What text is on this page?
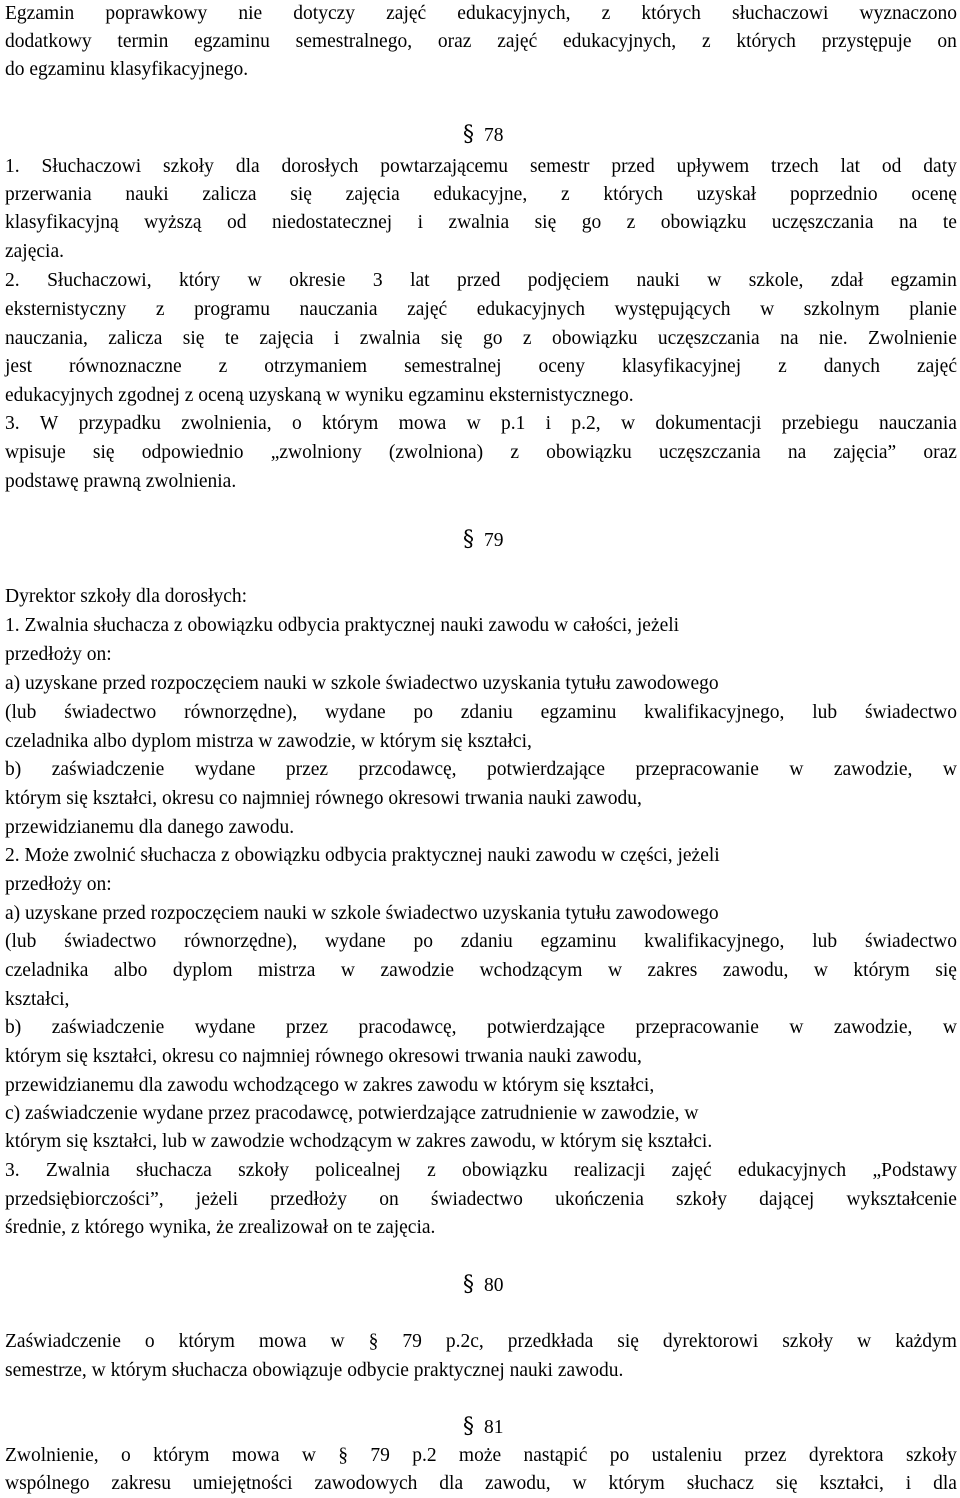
Egzamin poprawkowy nie dotyczy zajęć edukacyjnych, z których słuchaczowi wyznaczono
dodatkowy termin egzaminu semestralnego, oraz zajęć edukacyjnych, z których przystępuje on
do egzaminu klasyfikacyjnego.
§ 78
1. Słuchaczowi szkoły dla dorosłych powtarzającemu semestr przed upływem trzech lat od daty
przerwania nauki zalicza się zajęcia edukacyjne, z których uzyskał poprzednio ocenę
klasyfikacyjną wyższą od niedostatecznej i zwalnia się go z obowiązku uczęszczania na te
zajęcia.
2. Słuchaczowi, który w okresie 3 lat przed podjęciem nauki w szkole, zdał egzamin
eksternistyczny z programu nauczania zajęć edukacyjnych występujących w szkolnym planie
nauczania, zalicza się te zajęcia i zwalnia się go z obowiązku uczęszczania na nie. Zwolnienie
jest równoznaczne z otrzymaniem semestralnej oceny klasyfikacyjnej z danych zajęć
edukacyjnych zgodnej z oceną uzyskaną w wyniku egzaminu eksternistycznego.
3. W przypadku zwolnienia, o którym mowa w p.1 i p.2, w dokumentacji przebiegu nauczania
wpisuje się odpowiednio „zwolniony (zwolniona) z obowiązku uczęszczania na zajęcia” oraz
podstawę prawną zwolnienia.
§ 79
Dyrektor szkoły dla dorosłych:
1. Zwalnia słuchacza z obowiązku odbycia praktycznej nauki zawodu w całości, jeżeli
przedłoży on:
a) uzyskane przed rozpoczęciem nauki w szkole świadectwo uzyskania tytułu zawodowego
(lub świadectwo równorzędne), wydane po zdaniu egzaminu kwalifikacyjnego, lub świadectwo
czeladnika albo dyplom mistrza w zawodzie, w którym się kształci,
b) zaświadczenie wydane przez przcodawcę, potwierdzające przepracowanie w zawodzie, w
którym się kształci, okresu co najmniej równego okresowi trwania nauki zawodu,
przewidzianemu dla danego zawodu.
2. Może zwolnić słuchacza z obowiązku odbycia praktycznej nauki zawodu w części, jeżeli
przedłoży on:
a) uzyskane przed rozpoczęciem nauki w szkole świadectwo uzyskania tytułu zawodowego
(lub świadectwo równorzędne), wydane po zdaniu egzaminu kwalifikacyjnego, lub świadectwo
czeladnika albo dyplom mistrza w zawodzie wchodzącym w zakres zawodu, w którym się
kształci,
b) zaświadczenie wydane przez pracodawcę, potwierdzające przepracowanie w zawodzie, w
którym się kształci, okresu co najmniej równego okresowi trwania nauki zawodu,
przewidzianemu dla zawodu wchodzącego w zakres zawodu w którym się kształci,
c) zaświadczenie wydane przez pracodawcę, potwierdzające zatrudnienie w zawodzie, w
którym się kształci, lub w zawodzie wchodzącym w zakres zawodu, w którym się kształci.
3. Zwalnia słuchacza szkoły policealnej z obowiązku realizacji zajęć edukacyjnych „Podstawy
przedsiębiorczości”, jeżeli przedłoży on świadectwo ukończenia szkoły dającej wykształcenie
średnie, z którego wynika, że zrealizował on te zajęcia.
§ 80
Zaświadczenie o którym mowa w § 79 p.2c, przedkłada się dyrektorowi szkoły w każdym
semestrze, w którym słuchacza obowiązuje odbycie praktycznej nauki zawodu.
§ 81
Zwolnienie, o którym mowa w § 79 p.2 może nastąpić po ustaleniu przez dyrektora szkoły
wspólnego zakresu umiejętności zawodowych dla zawodu, w którym słuchacz się kształci, i dla
